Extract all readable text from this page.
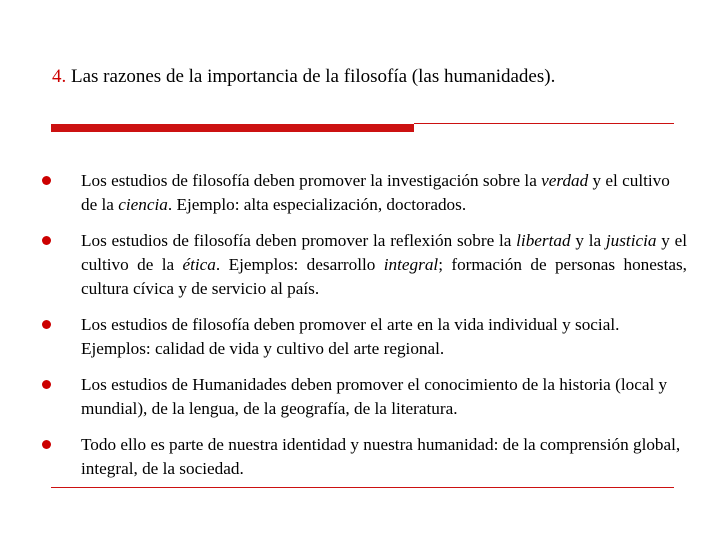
4. Las razones de la importancia de la filosofía (las humanidades).
Los estudios de filosofía deben promover la investigación sobre la verdad y el cultivo de la ciencia. Ejemplo: alta especialización, doctorados.
Los estudios de filosofía deben promover la reflexión sobre la libertad y la justicia y el cultivo de la ética. Ejemplos: desarrollo integral; formación de personas honestas, cultura cívica y de servicio al país.
Los estudios de filosofía deben promover el arte en la vida individual y social. Ejemplos: calidad de vida y cultivo del arte regional.
Los estudios de Humanidades deben promover el conocimiento de la historia (local y mundial), de la lengua, de la geografía, de la literatura.
Todo ello es parte de nuestra identidad y nuestra humanidad: de la comprensión global, integral, de la sociedad.
